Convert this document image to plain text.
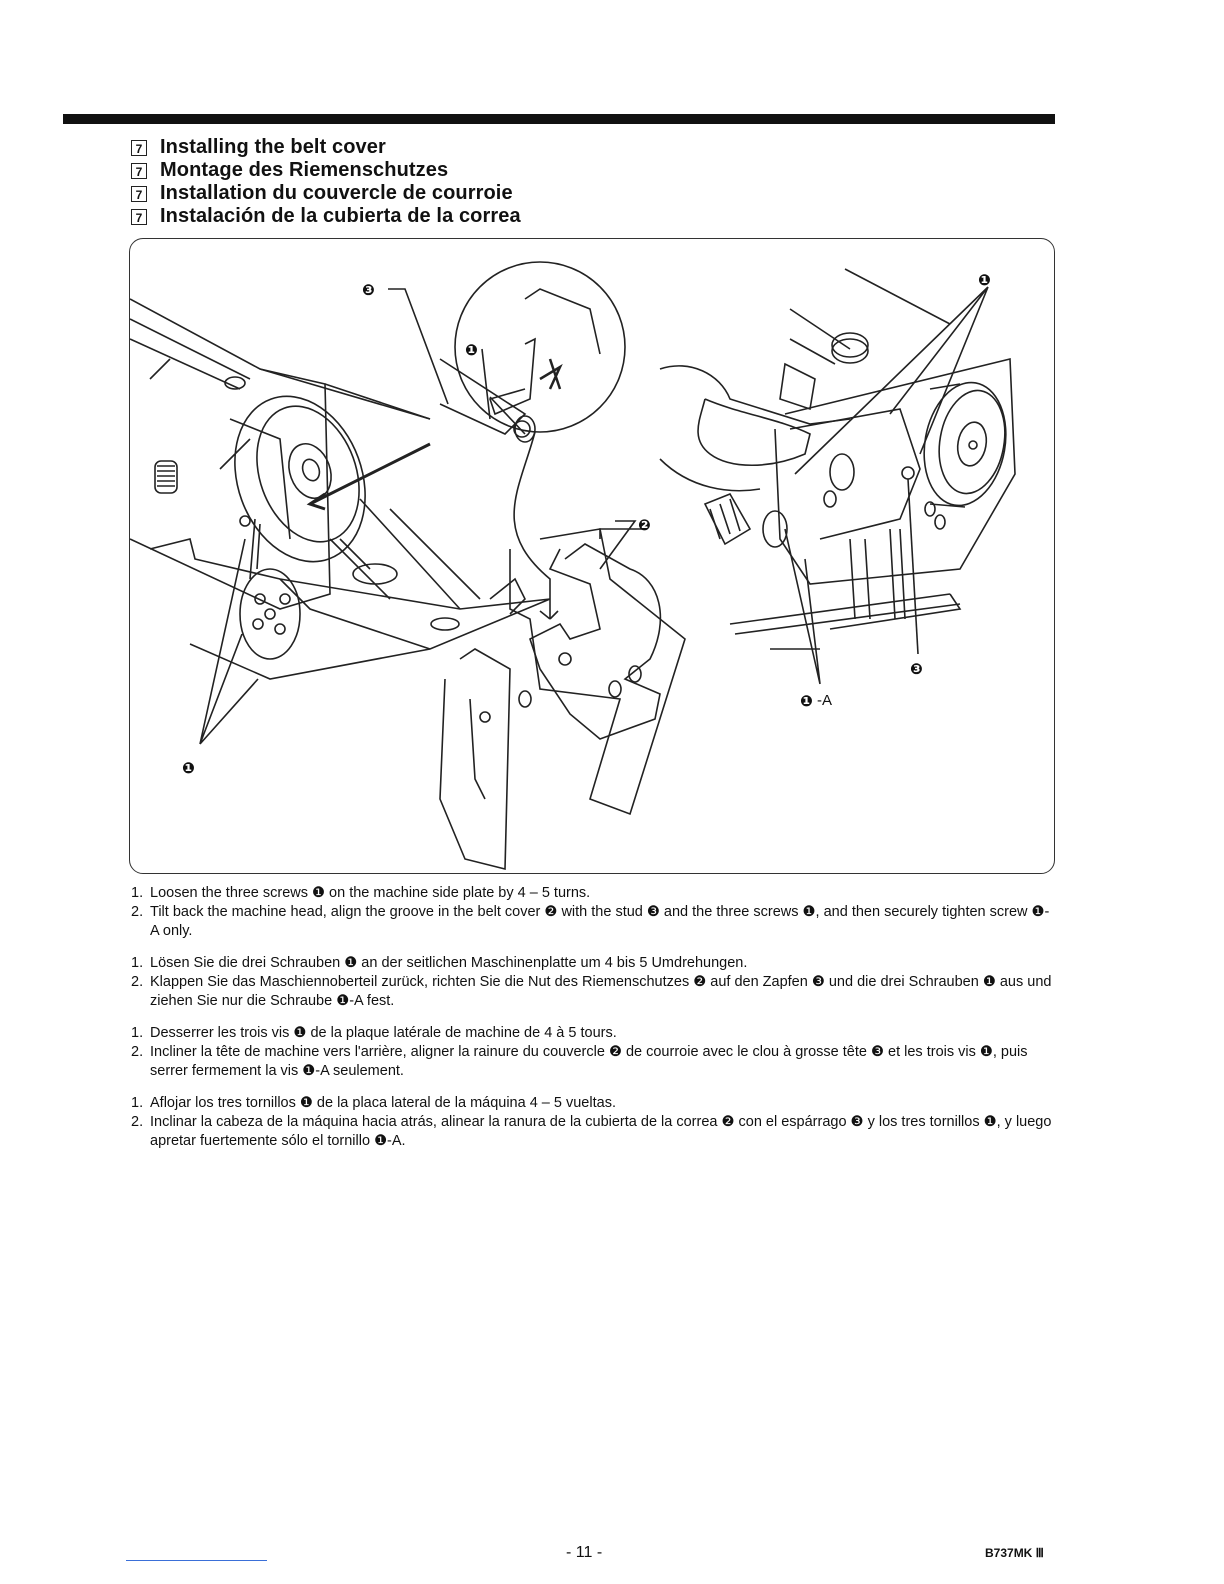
7 Installing the belt cover
7 Montage des Riemenschutzes
7 Installation du couvercle de courroie
7 Instalación de la cubierta de la correa
❸
❶
❷
❶
❶
❸
❶ -A
1. Loosen the three screws ❶ on the machine side plate by 4 – 5 turns.
2. Tilt back the machine head, align the groove in the belt cover ❷ with the stud ❸ and the three screws ❶, and then securely tighten screw ❶-A only.
1. Lösen Sie die drei Schrauben ❶ an der seitlichen Maschinenplatte um 4 bis 5 Umdrehungen.
2. Klappen Sie das Maschiennoberteil zurück, richten Sie die Nut des Riemenschutzes ❷ auf den Zapfen ❸ und die drei Schrauben ❶ aus und ziehen Sie nur die Schraube ❶-A fest.
1. Desserrer les trois vis ❶ de la plaque latérale de machine de 4 à 5 tours.
2. Incliner la tête de machine vers l'arrière, aligner la rainure du couvercle ❷ de courroie avec le clou à grosse tête ❸ et les trois vis ❶, puis serrer fermement la vis ❶-A seulement.
1. Aflojar los tres tornillos ❶ de la placa lateral de la máquina 4 – 5 vueltas.
2. Inclinar la cabeza de la máquina hacia atrás, alinear la ranura de la cubierta de la correa ❷ con el espárrago ❸ y los tres tornillos ❶, y luego apretar fuertemente sólo el tornillo ❶-A.
- 11 -	B737MK Ⅲ
